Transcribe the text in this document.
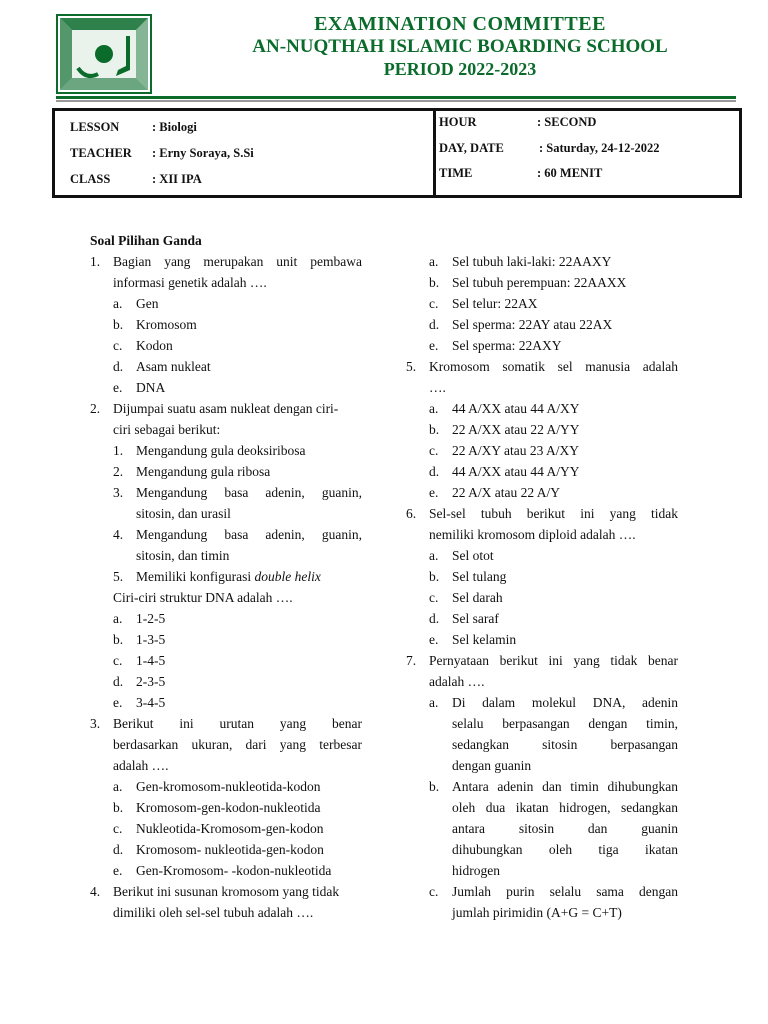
EXAMINATION COMMITTEE
AN-NUQTHAH ISLAMIC BOARDING SCHOOL
PERIOD 2022-2023
LESSON	: Biologi
TEACHER : Erny Soraya, S.Si
CLASS	: XII IPA
HOUR	: SECOND
DAY, DATE	: Saturday, 24-12-2022
TIME	: 60 MENIT
Soal Pilihan Ganda
1. Bagian yang merupakan unit pembawa
informasi genetik adalah ….
a. Gen
b. Kromosom
c. Kodon
d. Asam nukleat
e. DNA
2. Dijumpai suatu asam nukleat dengan ciri-
ciri sebagai berikut:
1. Mengandung gula deoksiribosa
2. Mengandung gula ribosa
3. Mengandung basa adenin, guanin,
sitosin, dan urasil
4. Mengandung basa adenin, guanin,
sitosin, dan timin
5. Memiliki konfigurasi double helix
Ciri-ciri struktur DNA adalah ….
a. 1-2-5
b. 1-3-5
c. 1-4-5
d. 2-3-5
e. 3-4-5
3. Berikut ini urutan yang benar
berdasarkan ukuran, dari yang terbesar
adalah ….
a. Gen-kromosom-nukleotida-kodon
b. Kromosom-gen-kodon-nukleotida
c. Nukleotida-Kromosom-gen-kodon
d. Kromosom- nukleotida-gen-kodon
e. Gen-Kromosom- -kodon-nukleotida
4. Berikut ini susunan kromosom yang tidak
dimiliki oleh sel-sel tubuh adalah ….
a. Sel tubuh laki-laki: 22AAXY
b. Sel tubuh perempuan: 22AAXX
c. Sel telur: 22AX
d. Sel sperma: 22AY atau 22AX
e. Sel sperma: 22AXY
5. Kromosom somatik sel manusia adalah
….
a. 44 A/XX atau 44 A/XY
b. 22 A/XX atau 22 A/YY
c. 22 A/XY atau 23 A/XY
d. 44 A/XX atau 44 A/YY
e. 22 A/X atau 22 A/Y
6. Sel-sel tubuh berikut ini yang tidak
nemiliki kromosom diploid adalah ….
a. Sel otot
b. Sel tulang
c. Sel darah
d. Sel saraf
e. Sel kelamin
7. Pernyataan berikut ini yang tidak benar
adalah ….
a. Di dalam molekul DNA, adenin
selalu berpasangan dengan timin,
sedangkan sitosin berpasangan
dengan guanin
b. Antara adenin dan timin dihubungkan
oleh dua ikatan hidrogen, sedangkan
antara	sitosin	dan	guanin
dihubungkan oleh tiga ikatan
hidrogen
c. Jumlah purin selalu sama dengan
jumlah pirimidin (A+G = C+T)
